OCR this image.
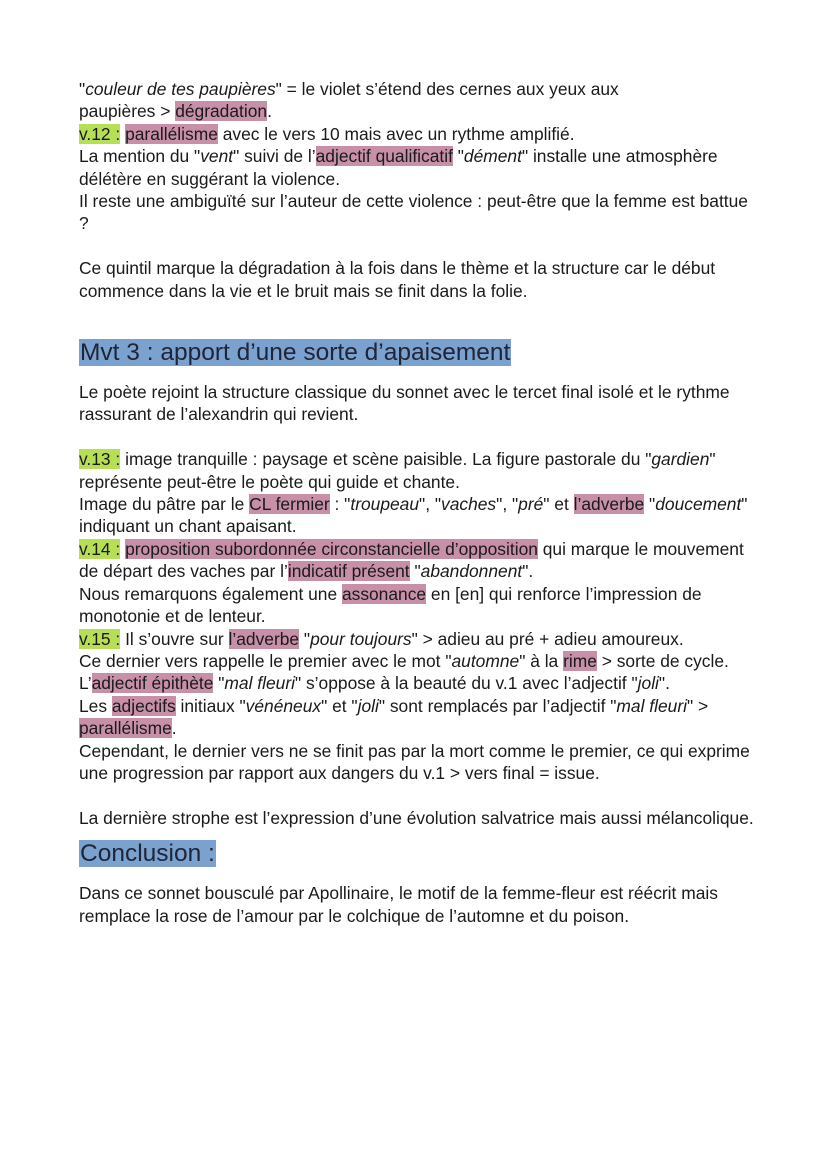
"couleur de tes paupières" = le violet s’étend des cernes aux yeux aux
paupières > dégradation.

v.12 : parallélisme avec le vers 10 mais avec un rythme amplifié.

La mention du "vent" suivi de l’adjectif qualificatif "dément" installe une atmosphère délétère en suggérant la violence.

Il reste une ambiguïté sur l’auteur de cette violence : peut-être que la femme est battue ?

Ce quintil marque la dégradation à la fois dans le thème et la structure car le début commence dans la vie et le bruit mais se finit dans la folie.

Mvt 3 : apport d’une sorte d’apaisement

Le poète rejoint la structure classique du sonnet avec le tercet final isolé et le rythme rassurant de l’alexandrin qui revient.

v.13 : image tranquille : paysage et scène paisible. La figure pastorale du "gardien" représente peut-être le poète qui guide et chante.

Image du pâtre par le CL fermier : "troupeau", "vaches", "pré" et l’adverbe "doucement" indiquant un chant apaisant.

v.14 : proposition subordonnée circonstancielle d’opposition qui marque le mouvement de départ des vaches par l’indicatif présent "abandonnent".

Nous remarquons également une assonance en [en] qui renforce l’impression de monotonie et de lenteur.

v.15 : Il s’ouvre sur l’adverbe "pour toujours" > adieu au pré + adieu amoureux.

Ce dernier vers rappelle le premier avec le mot "automne" à la rime > sorte de cycle.

L’adjectif épithète "mal fleuri" s’oppose à la beauté du v.1 avec l’adjectif "joli".

Les adjectifs initiaux "vénéneux" et "joli" sont remplacés par l’adjectif "mal fleuri" > parallélisme.

Cependant, le dernier vers ne se finit pas par la mort comme le premier, ce qui exprime une progression par rapport aux dangers du v.1 > vers final = issue.

La dernière strophe est l’expression d’une évolution salvatrice mais aussi mélancolique.

Conclusion :

Dans ce sonnet bousculé par Apollinaire, le motif de la femme-fleur est réécrit mais remplace la rose de l’amour par le colchique de l’automne et du poison.
